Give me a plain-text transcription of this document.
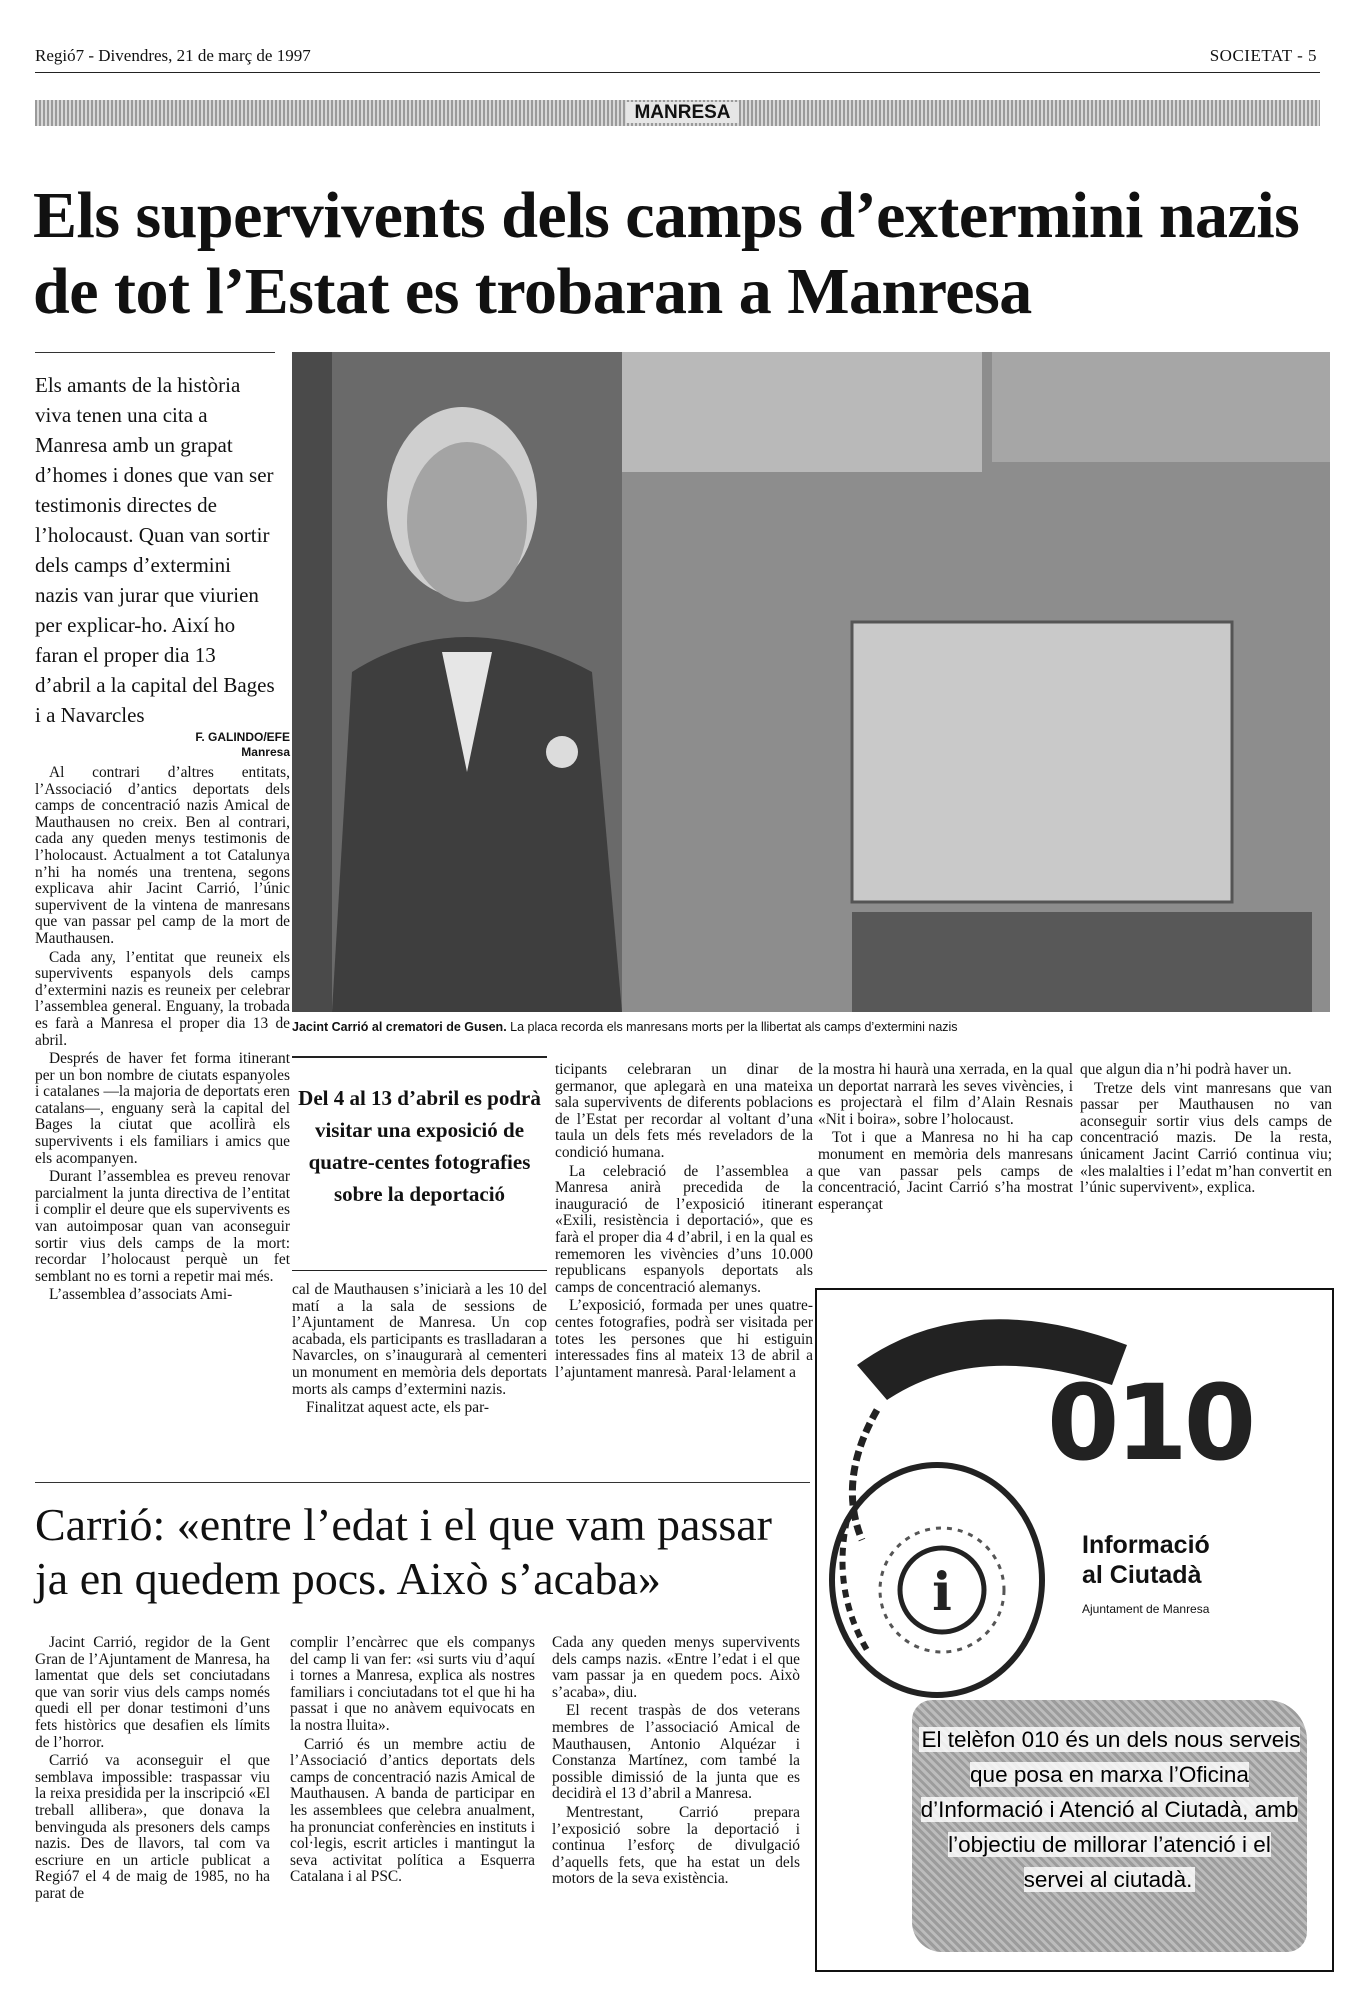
Regió7 - Divendres, 21 de març de 1997	SOCIETAT - 5
MANRESA
Els supervivents dels camps d’extermini nazis de tot l’Estat es trobaran a Manresa
Els amants de la història viva tenen una cita a Manresa amb un grapat d’homes i dones que van ser testimonis directes de l’holocaust. Quan van sortir dels camps d’extermini nazis van jurar que viurien per explicar-ho. Així ho faran el proper dia 13 d’abril a la capital del Bages i a Navarcles
F. GALINDO/EFE
Manresa

Al contrari d’altres entitats, l’Associació d’antics deportats dels camps de concentració nazis Amical de Mauthausen no creix. Ben al contrari, cada any queden menys testimonis de l’holocaust. Actualment a tot Catalunya n’hi ha només una trentena, segons explicava ahir Jacint Carrió, l’únic supervivent de la vintena de manresans que van passar pel camp de la mort de Mauthausen.

Cada any, l’entitat que reuneix els supervivents espanyols dels camps d’extermini nazis es reuneix per celebrar l’assemblea general. Enguany, la trobada es farà a Manresa el proper dia 13 de abril.

Després de haver fet forma itinerant per un bon nombre de ciutats espanyoles i catalanes —la majoria de deportats eren catalans—, enguany serà la capital del Bages la ciutat que acollirà els supervivents i els familiars i amics que els acompanyen.

Durant l’assemblea es preveu renovar parcialment la junta directiva de l’entitat i complir el deure que els supervivents es van autoimposar quan van aconseguir sortir vius dels camps de la mort: recordar l’holocaust perquè un fet semblant no es torni a repetir mai més.

L’assemblea d’associats Ami-

Jacint Carrió al crematori de Gusen. La placa recorda els manresans morts per la llibertat als camps d’extermini nazis
Del 4 al 13 d’abril es podrà visitar una exposició de quatre-centes fotografies sobre la deportació

cal de Mauthausen s’iniciarà a les 10 del matí a la sala de sessions de l’Ajuntament de Manresa. Un cop acabada, els participants es traslladaran a Navarcles, on s’inaugurarà al cementeri un monument en memòria dels deportats morts als camps d’extermini nazis.

Finalitzat aquest acte, els par-

ticipants celebraran un dinar de germanor, que aplegarà en una mateixa sala supervivents de diferents poblacions de l’Estat per recordar al voltant d’una taula un dels fets més reveladors de la condició humana.

La celebració de l’assemblea a Manresa anirà precedida de la inauguració de l’exposició itinerant «Exili, resistència i deportació», que es farà el proper dia 4 d’abril, i en la qual es rememoren les vivències d’uns 10.000 republicans espanyols deportats als camps de concentració alemanys.

L’exposició, formada per unes quatre-centes fotografies, podrà ser visitada per totes les persones que hi estiguin interessades fins al mateix 13 de abril a l’ajuntament manresà. Paral·lelament a

la mostra hi haurà una xerrada, en la qual un deportat narrarà les seves vivències, i es projectarà el film d’Alain Resnais «Nit i boira», sobre l’holocaust.

Tot i que a Manresa no hi ha cap monument en memòria dels manresans que van passar pels camps de concentració, Jacint Carrió s’ha mostrat esperançat

que algun dia n’hi podrà haver un.

Tretze dels vint manresans que van passar per Mauthausen no van aconseguir sortir vius dels camps de concentració mazis. De la resta, únicament Jacint Carrió continua viu; «les malalties i l’edat m’han convertit en l’únic supervivent», explica.

Carrió: «entre l’edat i el que vam passar ja en quedem pocs. Això s’acaba»

Jacint Carrió, regidor de la Gent Gran de l’Ajuntament de Manresa, ha lamentat que dels set conciutadans que van sorir vius dels camps només quedi ell per donar testimoni d’uns fets històrics que desafien els límits de l’horror.

Carrió va aconseguir el que semblava impossible: traspassar viu la reixa presidida per la inscripció «El treball allibera», que donava la benvinguda als presoners dels camps nazis. Des de llavors, tal com va escriure en un article publicat a Regió7 el 4 de maig de 1985, no ha parat de

complir l’encàrrec que els companys del camp li van fer: «si surts viu d’aquí i tornes a Manresa, explica als nostres familiars i conciutadans tot el que hi ha passat i que no anàvem equivocats en la nostra lluita».

Carrió és un membre actiu de l’Associació d’antics deportats dels camps de concentració nazis Amical de Mauthausen. A banda de participar en les assemblees que celebra anualment, ha pronunciat conferències en instituts i col·legis, escrit articles i mantingut la seva activitat política a Esquerra Catalana i al PSC.

Cada any queden menys supervivents dels camps nazis. «Entre l’edat i el que vam passar ja en quedem pocs. Això s’acaba», diu.

El recent traspàs de dos veterans membres de l’associació Amical de Mauthausen, Antonio Alquézar i Constanza Martínez, com també la possible dimissió de la junta que es decidirà el 13 d’abril a Manresa.

Mentrestant, Carrió prepara l’exposició sobre la deportació i continua l’esforç de divulgació d’aquells fets, que ha estat un dels motors de la seva existència.

i
010
Informació
al Ciutadà
Ajuntament de Manresa
El telèfon 010 és un dels nous serveis que posa en marxa l’Oficina d’Informació i Atenció al Ciutadà, amb l’objectiu de millorar l’atenció i el servei al ciutadà.
